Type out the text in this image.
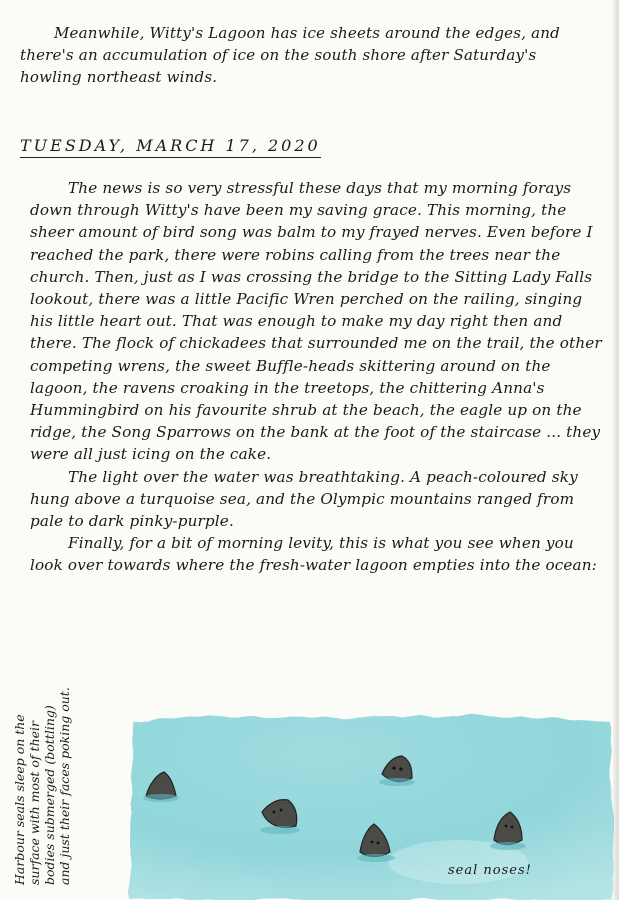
Meanwhile, Witty's Lagoon has ice sheets around the edges, and there's an accumulation of ice on the south shore after Saturday's howling northeast winds.

TUESDAY, MARCH 17, 2020

The news is so very stressful these days that my morning forays down through Witty's have been my saving grace. This morning, the sheer amount of bird song was balm to my frayed nerves. Even before I reached the park, there were robins calling from the trees near the church. Then, just as I was crossing the bridge to the Sitting Lady Falls lookout, there was a little Pacific Wren perched on the railing, singing his little heart out. That was enough to make my day right then and there. The flock of chickadees that surrounded me on the trail, the other competing wrens, the sweet Buffle-heads skittering around on the lagoon, the ravens croaking in the treetops, the chittering Anna's Hummingbird on his favourite shrub at the beach, the eagle up on the ridge, the Song Sparrows on the bank at the foot of the staircase ... they were all just icing on the cake.

The light over the water was breathtaking. A peach-coloured sky hung above a turquoise sea, and the Olympic mountains ranged from pale to dark pinky-purple.

Finally, for a bit of morning levity, this is what you see when you look over towards where the fresh-water lagoon empties into the ocean:

Harbour seals sleep on the surface with most of their bodies submerged (bottling) and just their faces poking out.	seal noses!
